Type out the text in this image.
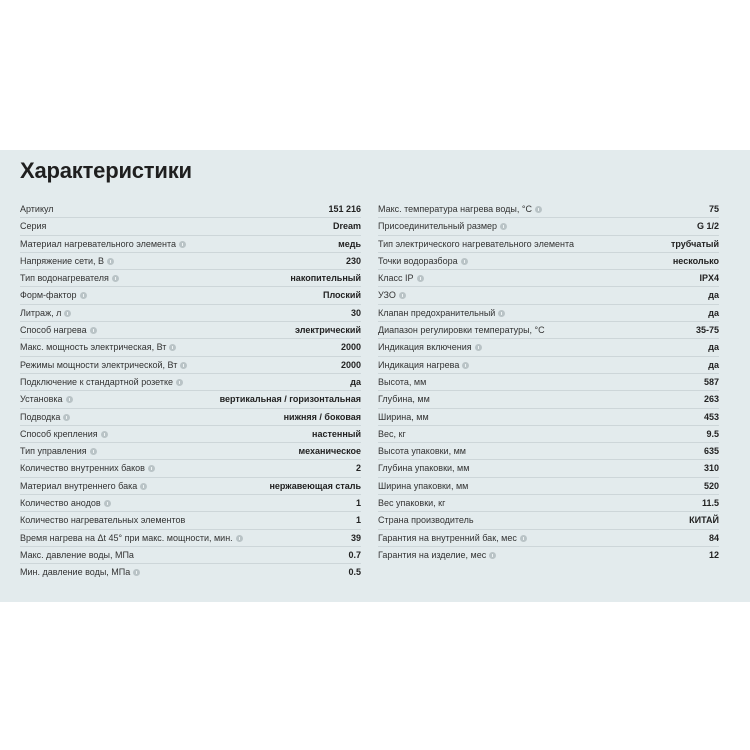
Характеристики
Артикул	151 216
Серия	Dream
Материал нагревательного элемента	медь
Напряжение сети, В	230
Тип водонагревателя	накопительный
Форм-фактор	Плоский
Литраж, л	30
Способ нагрева	электрический
Макс. мощность электрическая, Вт	2000
Режимы мощности электрической, Вт	2000
Подключение к стандартной розетке	да
Установка	вертикальная / горизонтальная
Подводка	нижняя / боковая
Способ крепления	настенный
Тип управления	механическое
Количество внутренних баков	2
Материал внутреннего бака	нержавеющая сталь
Количество анодов	1
Количество нагревательных элементов	1
Время нагрева на Δt 45° при макс. мощности, мин.	39
Макс. давление воды, МПа	0.7
Мин. давление воды, МПа	0.5
Макс. температура нагрева воды, °С	75
Присоединительный размер	G 1/2
Тип электрического нагревательного элемента	трубчатый
Точки водоразбора	несколько
Класс IP	IPX4
УЗО	да
Клапан предохранительный	да
Диапазон регулировки температуры, °С	35-75
Индикация включения	да
Индикация нагрева	да
Высота, мм	587
Глубина, мм	263
Ширина, мм	453
Вес, кг	9.5
Высота упаковки, мм	635
Глубина упаковки, мм	310
Ширина упаковки, мм	520
Вес упаковки, кг	11.5
Страна производитель	КИТАЙ
Гарантия на внутренний бак, мес	84
Гарантия на изделие, мес	12
